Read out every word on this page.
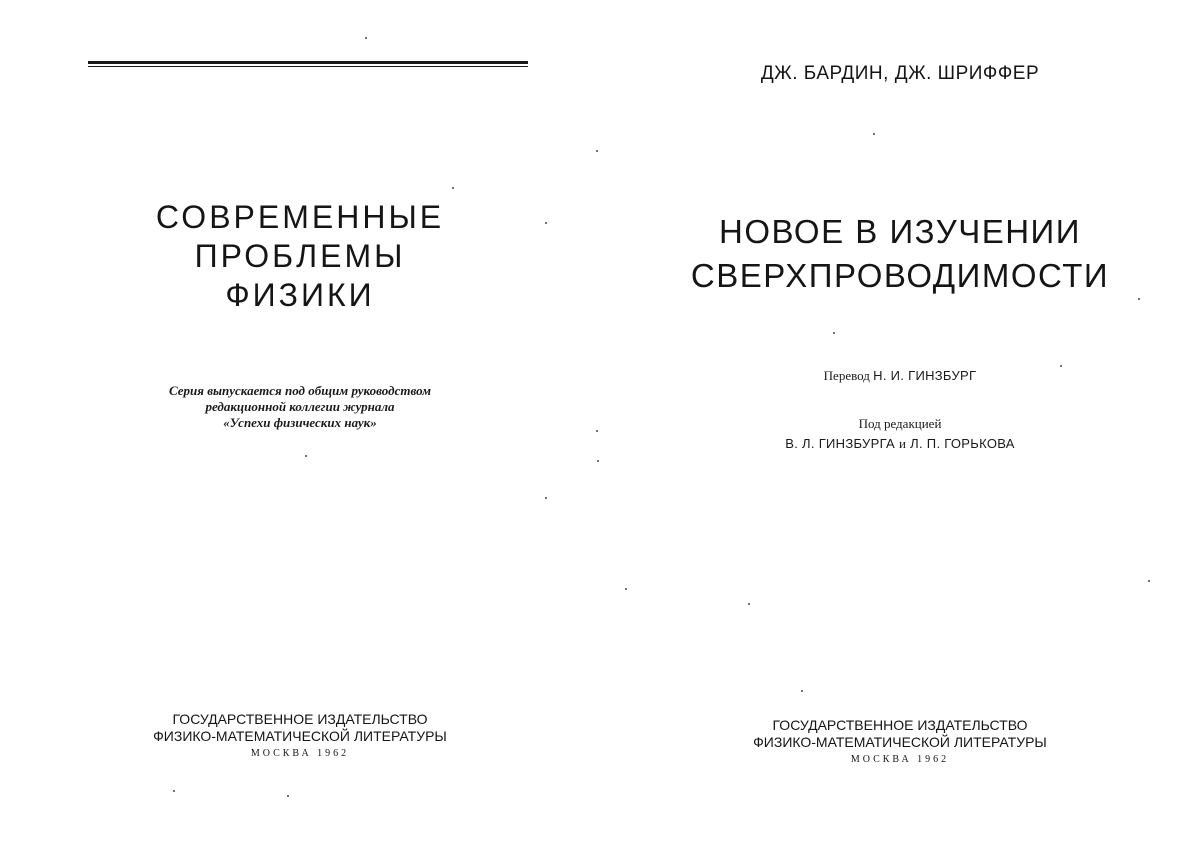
СОВРЕМЕННЫЕ
ПРОБЛЕМЫ
ФИЗИКИ
Серия выпускается под общим руководством
редакционной коллегии журнала
«Успехи физических наук»
ГОСУДАРСТВЕННОЕ ИЗДАТЕЛЬСТВО
ФИЗИКО-МАТЕМАТИЧЕСКОЙ ЛИТЕРАТУРЫ
МОСКВА 1962
ДЖ. БАРДИН, ДЖ. ШРИФФЕР
НОВОЕ В ИЗУЧЕНИИ
СВЕРХПРОВОДИМОСТИ
Перевод Н. И. ГИНЗБУРГ
Под редакцией
В. Л. ГИНЗБУРГА и Л. П. ГОРЬКОВА
ГОСУДАРСТВЕННОЕ ИЗДАТЕЛЬСТВО
ФИЗИКО-МАТЕМАТИЧЕСКОЙ ЛИТЕРАТУРЫ
МОСКВА 1962
